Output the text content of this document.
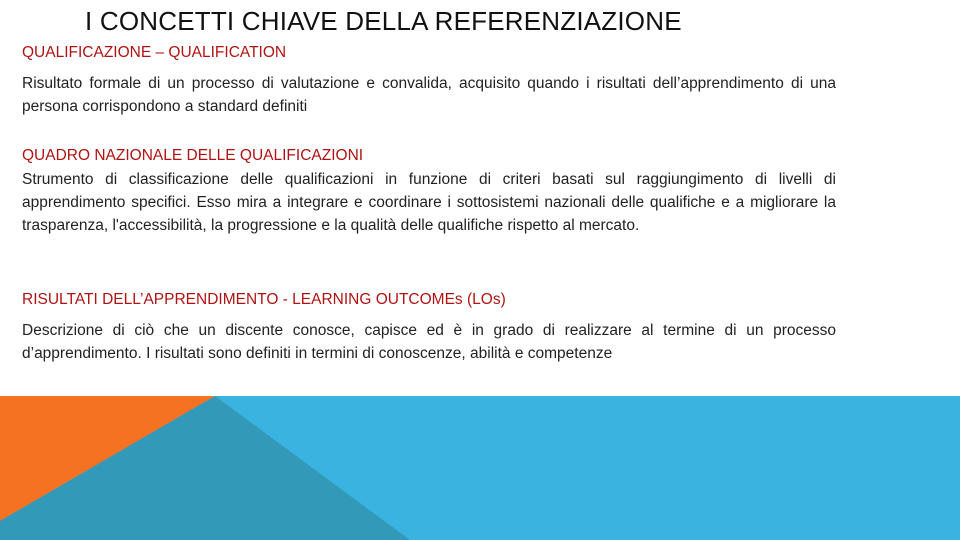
I CONCETTI CHIAVE DELLA REFERENZIAZIONE
QUALIFICAZIONE – QUALIFICATION
Risultato formale di un processo di valutazione e convalida, acquisito quando i risultati dell’apprendimento di una persona corrispondono a standard definiti
QUADRO NAZIONALE DELLE QUALIFICAZIONI
Strumento di classificazione delle qualificazioni in funzione di criteri basati sul raggiungimento di livelli di apprendimento specifici. Esso mira a integrare e coordinare i sottosistemi nazionali delle qualifiche e a migliorare la trasparenza, l'accessibilità, la progressione e la qualità delle qualifiche rispetto al mercato.
RISULTATI DELL’APPRENDIMENTO - LEARNING OUTCOMEs (LOs)
Descrizione di ciò che un discente conosce, capisce ed è in grado di realizzare al termine di un processo d’apprendimento. I risultati sono definiti in termini di conoscenze, abilità e competenze
